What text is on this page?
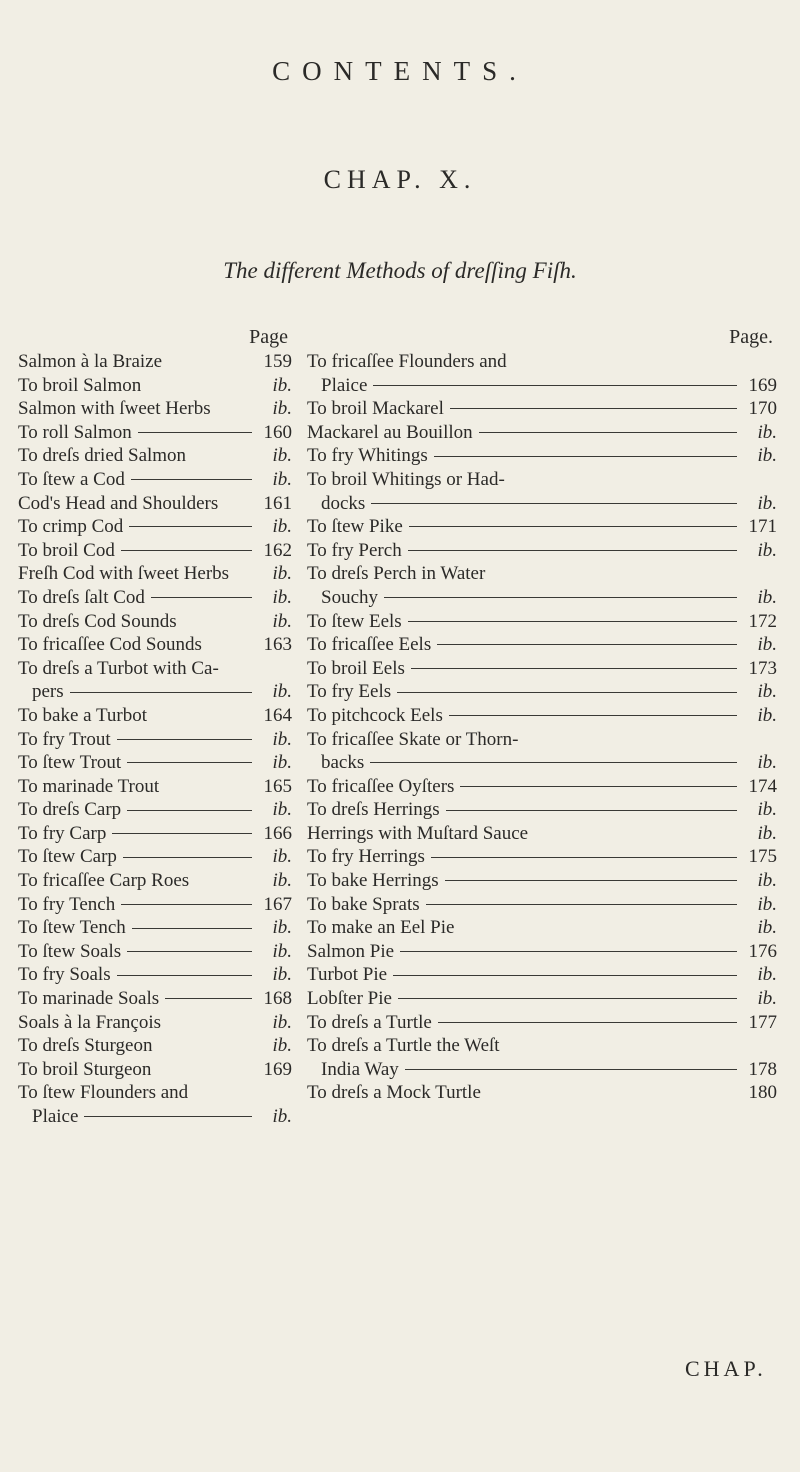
CONTENTS.
CHAP. X.
The different Methods of dreſſing Fiſh.
Page
Salmon à la Braize	159
To broil Salmon	ib.
Salmon with ſweet Herbs	ib.
To roll Salmon	160
To dreſs dried Salmon	ib.
To ſtew a Cod	ib.
Cod's Head and Shoulders 161
To crimp Cod	ib.
To broil Cod	162
Freſh Cod with ſweet Herbs	ib.
To dreſs ſalt Cod	ib.
To dreſs Cod Sounds	ib.
To fricaſſee Cod Sounds	163
To dreſs a Turbot with Ca-
pers	ib.
To bake a Turbot	164
To fry Trout	ib.
To ſtew Trout	ib.
To marinade Trout	165
To dreſs Carp	ib.
To fry Carp	166
To ſtew Carp	ib.
To fricaſſee Carp Roes	ib.
To fry Tench	167
To ſtew Tench	ib.
To ſtew Soals	ib.
To fry Soals	ib.
To marinade Soals	168
Soals à la François	ib.
To dreſs Sturgeon	ib.
To broil Sturgeon	169
To ſtew Flounders and
Plaice	ib.
Page.
To fricaſſee Flounders and
Plaice	169
To broil Mackarel	170
Mackarel au Bouillon	ib.
To fry Whitings	ib.
To broil Whitings or Had-
docks	ib.
To ſtew Pike	171
To fry Perch	ib.
To dreſs Perch in Water
Souchy	ib.
To ſtew Eels	172
To fricaſſee Eels	ib.
To broil Eels	173
To fry Eels	ib.
To pitchcock Eels	ib.
To fricaſſee Skate or Thorn-
backs	ib.
To fricaſſee Oyſters	174
To dreſs Herrings	ib.
Herrings with Muſtard Sauce	ib.
To fry Herrings	175
To bake Herrings	ib.
To bake Sprats	ib.
To make an Eel Pie	ib.
Salmon Pie	176
Turbot Pie	ib.
Lobſter Pie	ib.
To dreſs a Turtle	177
To dreſs a Turtle the Weſt
India Way	178
To dreſs a Mock Turtle	180
CHAP.
